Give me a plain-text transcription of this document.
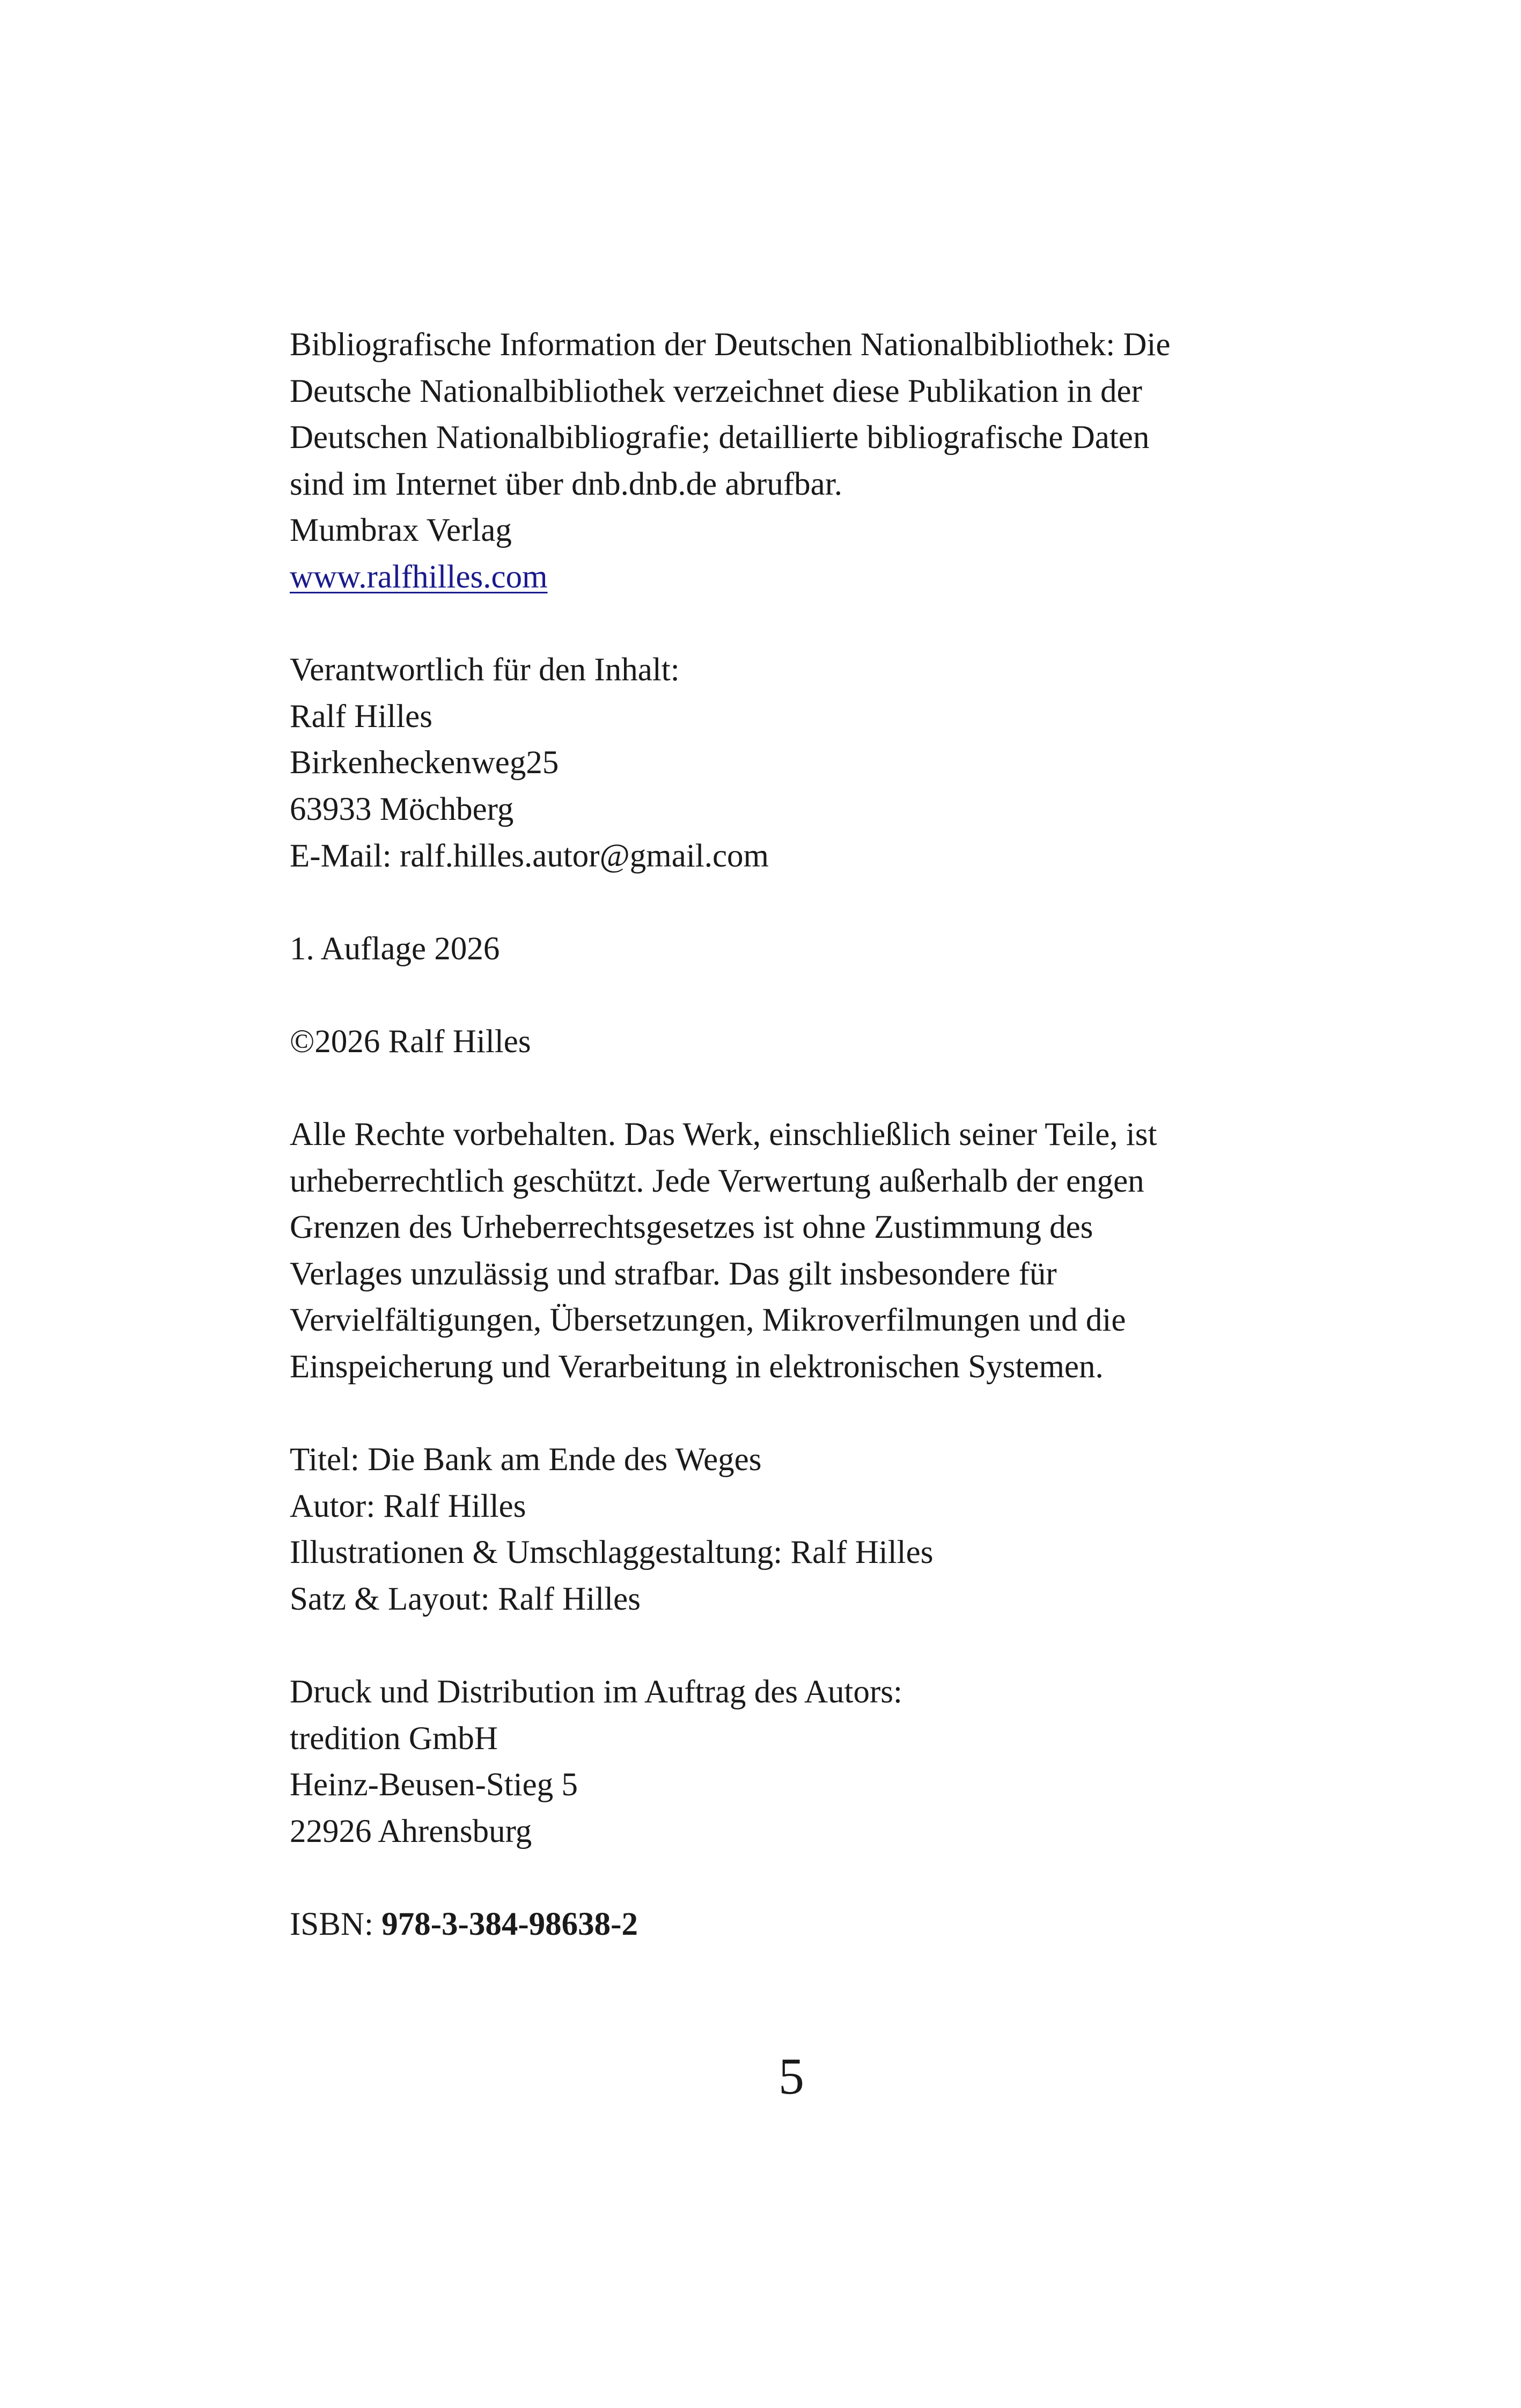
Bibliografische Information der Deutschen Nationalbibliothek: Die
Deutsche Nationalbibliothek verzeichnet diese Publikation in der
Deutschen Nationalbibliografie; detaillierte bibliografische Daten
sind im Internet über dnb.dnb.de abrufbar.
Mumbrax Verlag
www.ralfhilles.com
Verantwortlich für den Inhalt:
Ralf Hilles
Birkenheckenweg25
63933 Möchberg
E-Mail: ralf.hilles.autor@gmail.com
1. Auflage 2026
©2026 Ralf Hilles
Alle Rechte vorbehalten. Das Werk, einschließlich seiner Teile, ist
urheberrechtlich geschützt. Jede Verwertung außerhalb der engen
Grenzen des Urheberrechtsgesetzes ist ohne Zustimmung des
Verlages unzulässig und strafbar. Das gilt insbesondere für
Vervielfältigungen, Übersetzungen, Mikroverfilmungen und die
Einspeicherung und Verarbeitung in elektronischen Systemen.
Titel: Die Bank am Ende des Weges
Autor: Ralf Hilles
Illustrationen & Umschlaggestaltung: Ralf Hilles
Satz & Layout: Ralf Hilles
Druck und Distribution im Auftrag des Autors:
tredition GmbH
Heinz-Beusen-Stieg 5
22926 Ahrensburg
ISBN: 978-3-384-98638-2
5
